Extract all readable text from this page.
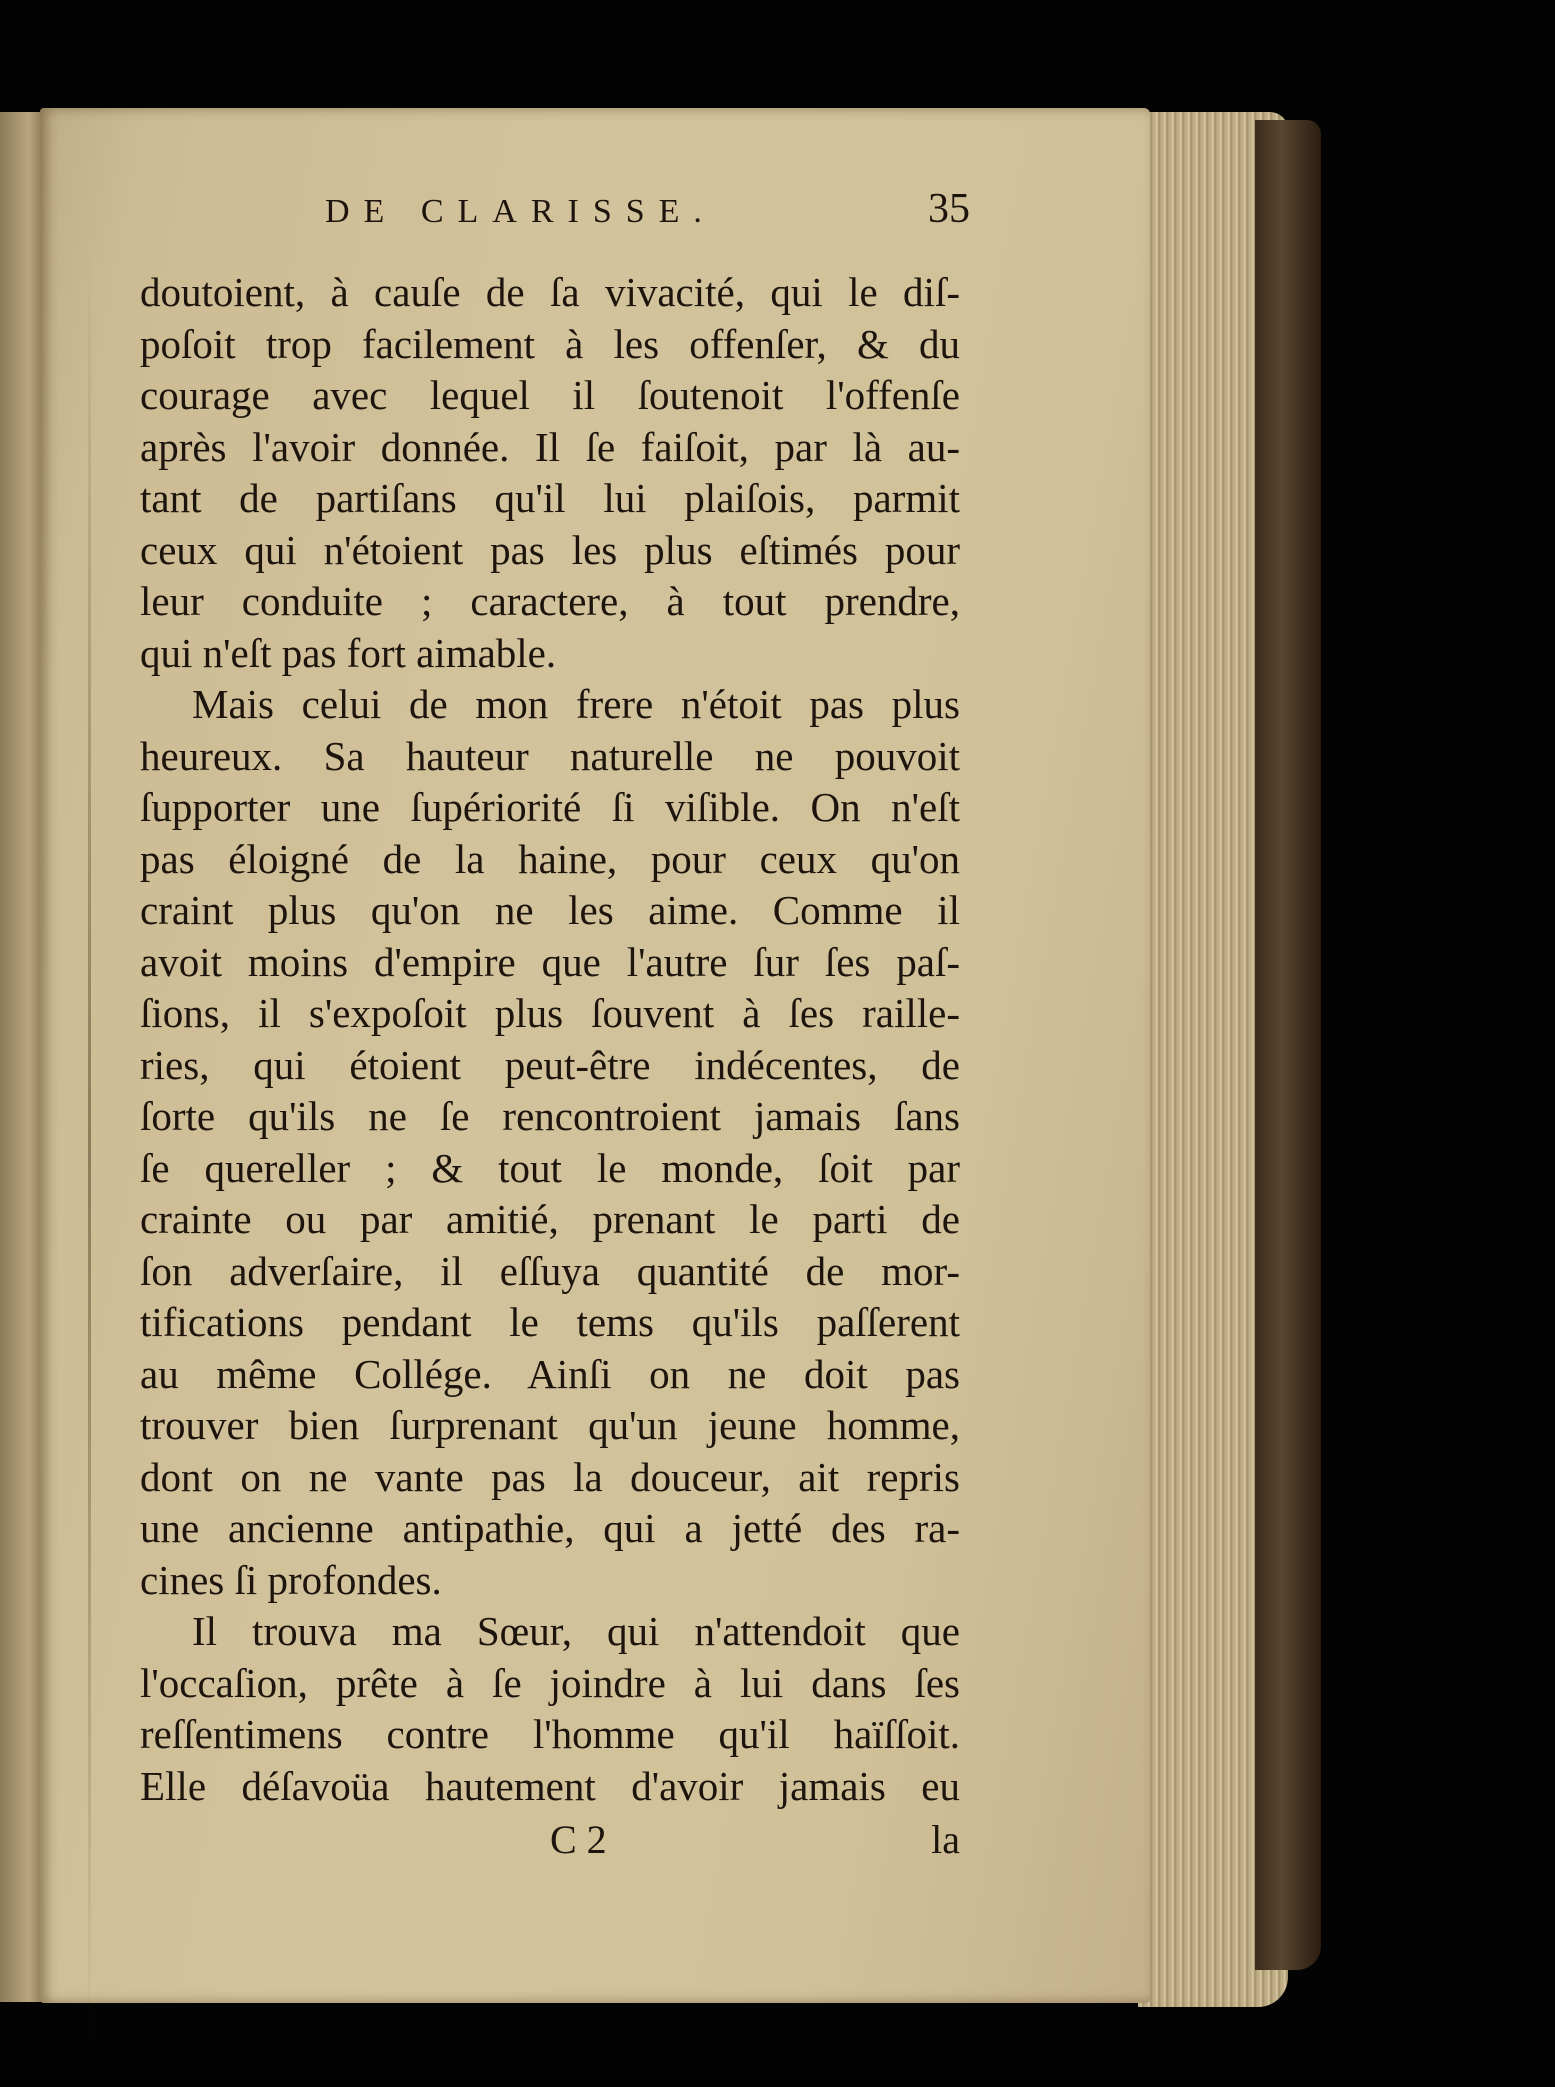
DE CLARISSE.	35
doutoient, à cauſe de ſa vivacité, qui le diſ-
poſoit trop facilement à les offenſer, & du
courage avec lequel il ſoutenoit l'offenſe
après l'avoir donnée. Il ſe faiſoit, par là au-
tant de partiſans qu'il lui plaiſois, parmit
ceux qui n'étoient pas les plus eſtimés pour
leur conduite ; caractere, à tout prendre,
qui n'eſt pas fort aimable.
Mais celui de mon frere n'étoit pas plus
heureux. Sa hauteur naturelle ne pouvoit
ſupporter une ſupériorité ſi viſible. On n'eſt
pas éloigné de la haine, pour ceux qu'on
craint plus qu'on ne les aime. Comme il
avoit moins d'empire que l'autre ſur ſes paſ-
ſions, il s'expoſoit plus ſouvent à ſes raille-
ries, qui étoient peut-être indécentes, de
ſorte qu'ils ne ſe rencontroient jamais ſans
ſe quereller ; & tout le monde, ſoit par
crainte ou par amitié, prenant le parti de
ſon adverſaire, il eſſuya quantité de mor-
tifications pendant le tems qu'ils paſſerent
au même Collége. Ainſi on ne doit pas
trouver bien ſurprenant qu'un jeune homme,
dont on ne vante pas la douceur, ait repris
une ancienne antipathie, qui a jetté des ra-
cines ſi profondes.
Il trouva ma Sœur, qui n'attendoit que
l'occaſion, prête à ſe joindre à lui dans ſes
reſſentimens contre l'homme qu'il haïſſoit.
Elle déſavoüa hautement d'avoir jamais eu
C 2	la
